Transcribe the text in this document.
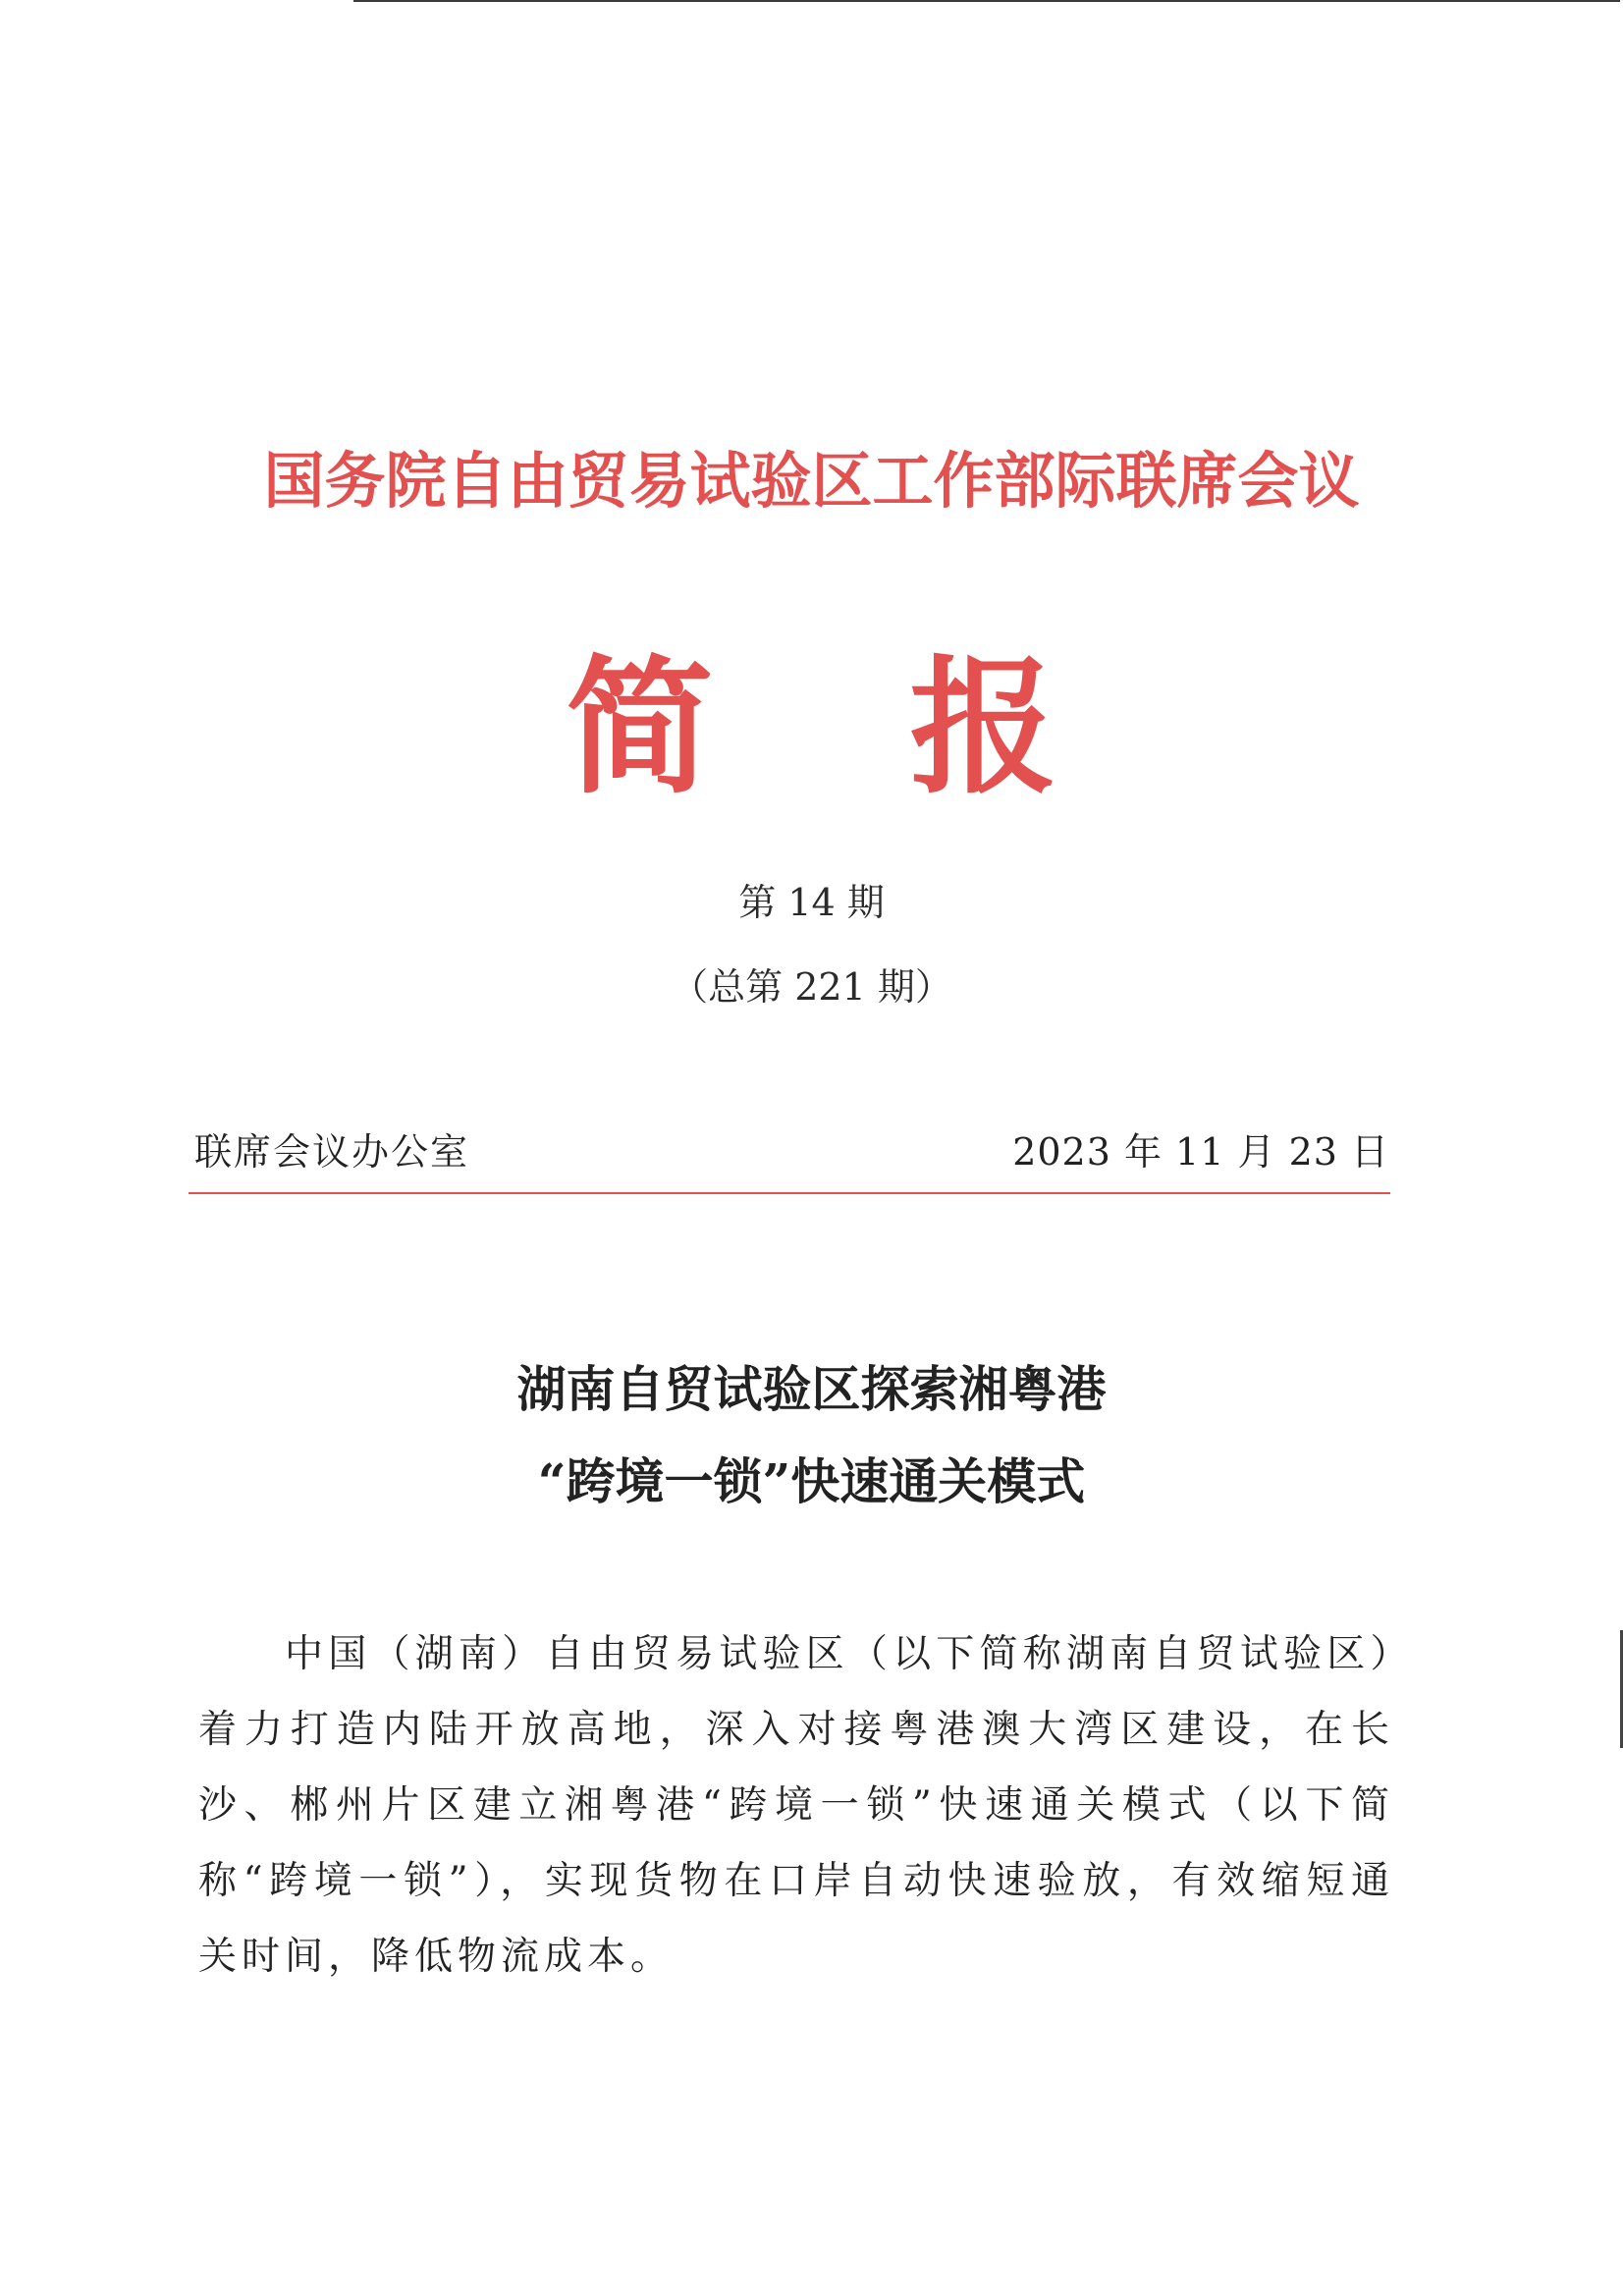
国务院自由贸易试验区工作部际联席会议
简 报
第 14 期
（总第 221 期）
联席会议办公室	2023 年 11 月 23 日
湖南自贸试验区探索湘粤港
“跨境一锁”快速通关模式

中国（湖南）自由贸易试验区（以下简称湖南自贸试验区）着力打造内陆开放高地，深入对接粤港澳大湾区建设，在长沙、郴州片区建立湘粤港“跨境一锁”快速通关模式（以下简称“跨境一锁”），实现货物在口岸自动快速验放，有效缩短通关时间，降低物流成本。
